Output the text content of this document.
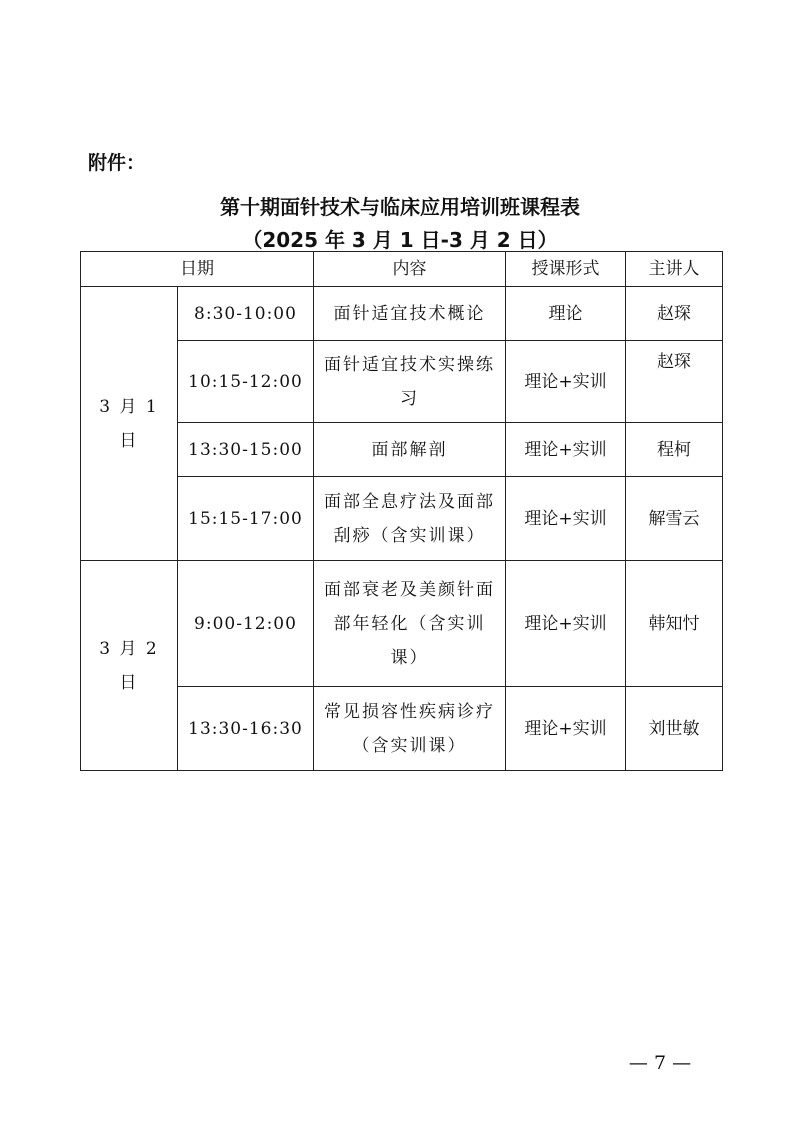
附件：
第十期面针技术与临床应用培训班课程表
（2025 年 3 月 1 日-3 月 2 日）
日期		内容	授课形式	主讲人
3 月 1 日	8:30-10:00	面针适宜技术概论	理论	赵琛
	10:15-12:00	面针适宜技术实操练习	理论+实训	赵琛
	13:30-15:00	面部解剖	理论+实训	程柯
	15:15-17:00	面部全息疗法及面部刮痧（含实训课）	理论+实训	解雪云
3 月 2 日	9:00-12:00	面部衰老及美颜针面部年轻化（含实训课）	理论+实训	韩知忖
	13:30-16:30	常见损容性疾病诊疗（含实训课）	理论+实训	刘世敏
— 7 —
